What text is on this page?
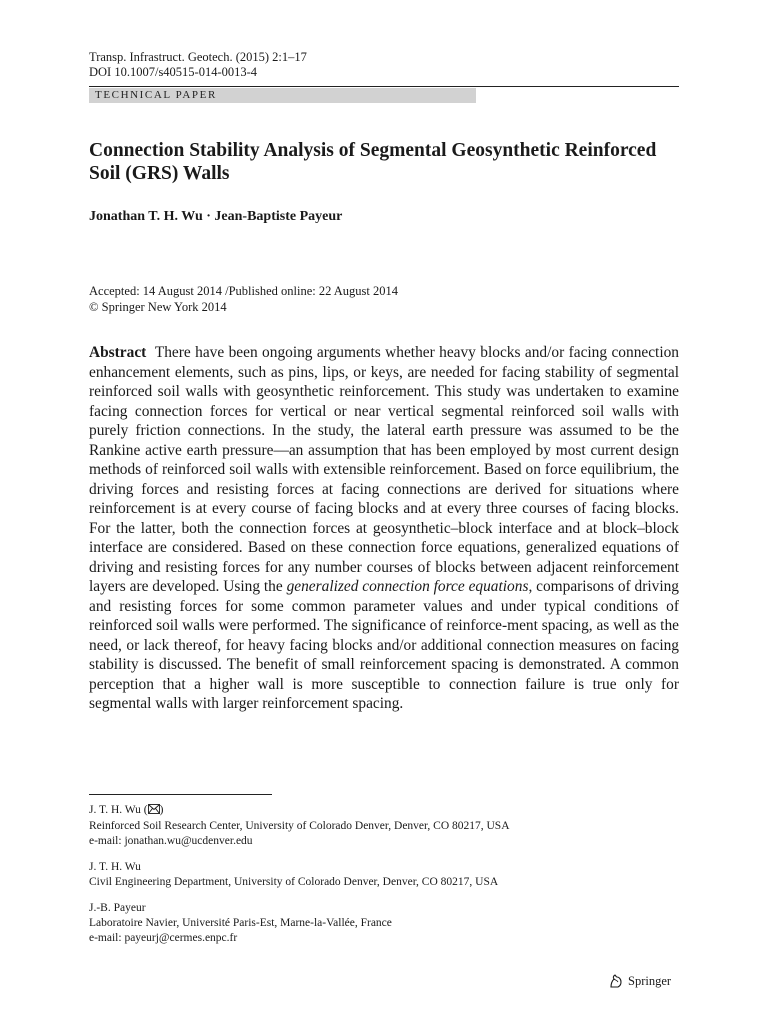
Transp. Infrastruct. Geotech. (2015) 2:1–17
DOI 10.1007/s40515-014-0013-4
TECHNICAL PAPER
Connection Stability Analysis of Segmental Geosynthetic Reinforced Soil (GRS) Walls
Jonathan T. H. Wu · Jean-Baptiste Payeur
Accepted: 14 August 2014 /Published online: 22 August 2014
© Springer New York 2014

Abstract There have been ongoing arguments whether heavy blocks and/or facing connection enhancement elements, such as pins, lips, or keys, are needed for facing stability of segmental reinforced soil walls with geosynthetic reinforcement. This study was undertaken to examine facing connection forces for vertical or near vertical segmental reinforced soil walls with purely friction connections. In the study, the lateral earth pressure was assumed to be the Rankine active earth pressure—an assumption that has been employed by most current design methods of reinforced soil walls with extensible reinforcement. Based on force equilibrium, the driving forces and resisting forces at facing connections are derived for situations where reinforcement is at every course of facing blocks and at every three courses of facing blocks. For the latter, both the connection forces at geosynthetic–block interface and at block–block interface are considered. Based on these connection force equations, generalized equations of driving and resisting forces for any number courses of blocks between adjacent reinforcement layers are developed. Using the generalized connection force equations, comparisons of driving and resisting forces for some common parameter values and under typical conditions of reinforced soil walls were performed. The significance of reinforce-ment spacing, as well as the need, or lack thereof, for heavy facing blocks and/or additional connection measures on facing stability is discussed. The benefit of small reinforcement spacing is demonstrated. A common perception that a higher wall is more susceptible to connection failure is true only for segmental walls with larger reinforcement spacing.

J. T. H. Wu ( )
Reinforced Soil Research Center, University of Colorado Denver, Denver, CO 80217, USA
e-mail: jonathan.wu@ucdenver.edu
J. T. H. Wu
Civil Engineering Department, University of Colorado Denver, Denver, CO 80217, USA
J.-B. Payeur
Laboratoire Navier, Université Paris-Est, Marne-la-Vallée, France
e-mail: payeurj@cermes.enpc.fr
Springer
